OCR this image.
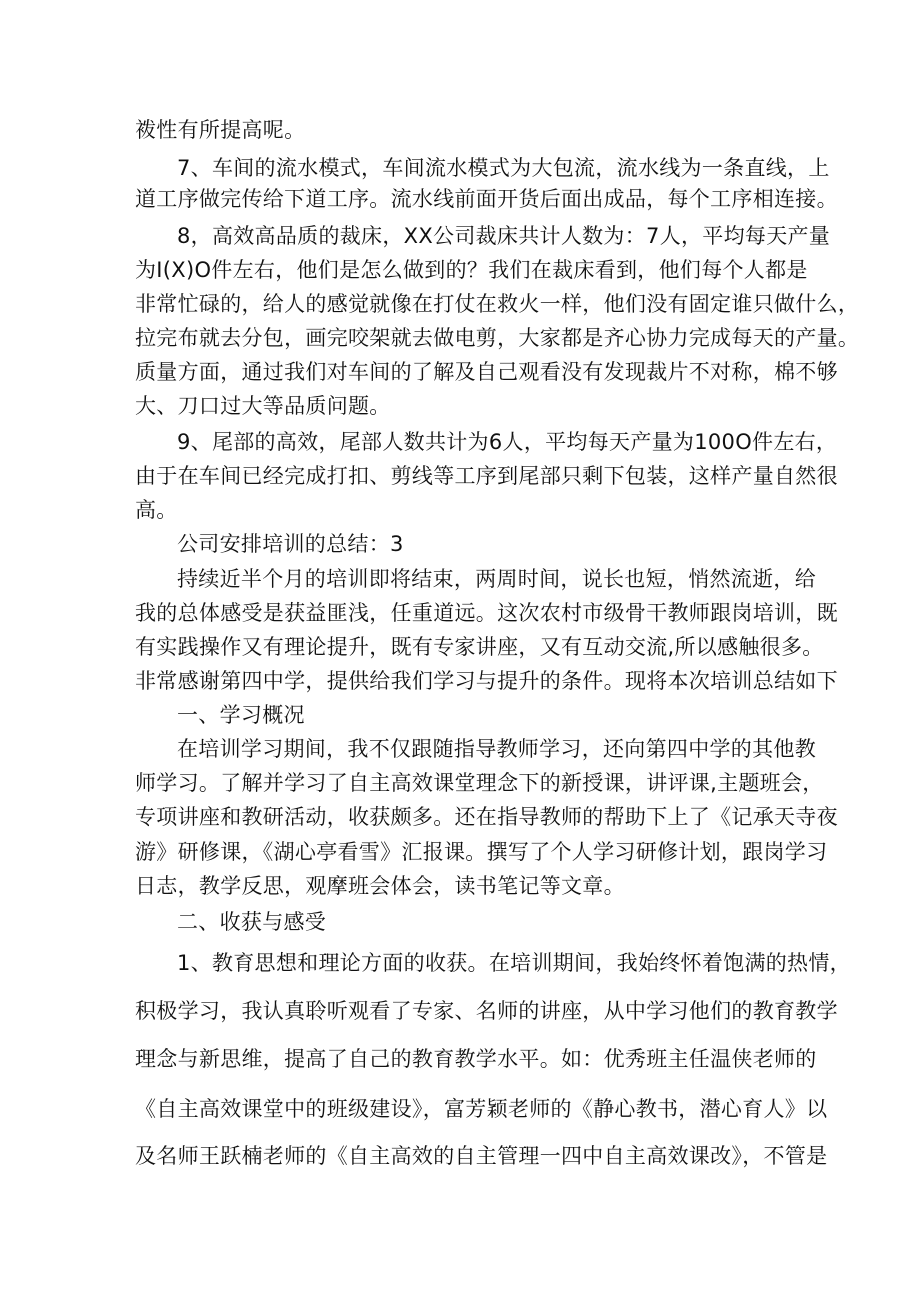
袯性有所提高呢。
7、车间的流水模式，车间流水模式为大包流，流水线为一条直线，上
道工序做完传给下道工序。流水线前面开货后面出成品，每个工序相连接。
8，高效高品质的裁床，XX公司裁床共计人数为：7人，平均每天产量
为I(X)O件左右，他们是怎么做到的？我们在裁床看到，他们每个人都是
非常忙碌的，给人的感觉就像在打仗在救火一样，他们没有固定谁只做什么，
拉完布就去分包，画完咬架就去做电剪，大家都是齐心协力完成每天的产量。
质量方面，通过我们对车间的了解及自己观看没有发现裁片不对称，棉不够
大、刀口过大等品质问题。
9、尾部的高效，尾部人数共计为6人，平均每天产量为100O件左右，
由于在车间已经完成打扣、剪线等工序到尾部只剩下包装，这样产量自然很
高。
公司安排培训的总结：3
持续近半个月的培训即将结束，两周时间，说长也短，悄然流逝，给
我的总体感受是获益匪浅，任重道远。这次农村市级骨干教师跟岗培训，既
有实践操作又有理论提升，既有专家讲座，又有互动交流,所以感触很多。
非常感谢第四中学，提供给我们学习与提升的条件。现将本次培训总结如下
一、学习概况
在培训学习期间，我不仅跟随指导教师学习，还向第四中学的其他教
师学习。了解并学习了自主高效课堂理念下的新授课，讲评课,主题班会，
专项讲座和教研活动，收获颇多。还在指导教师的帮助下上了《记承天寺夜
游》研修课，《湖心亭看雪》汇报课。撰写了个人学习研修计划，跟岗学习
日志，教学反思，观摩班会体会，读书笔记等文章。
二、收获与感受
1、教育思想和理论方面的收获。在培训期间，我始终怀着饱满的热情，
积极学习，我认真聆听观看了专家、名师的讲座，从中学习他们的教育教学
理念与新思维，提高了自己的教育教学水平。如：优秀班主任温侠老师的
《自主高效课堂中的班级建设》，富芳颖老师的《静心教书，潜心育人》以
及名师王跃楠老师的《自主高效的自主管理一四中自主高效课改》，不管是
